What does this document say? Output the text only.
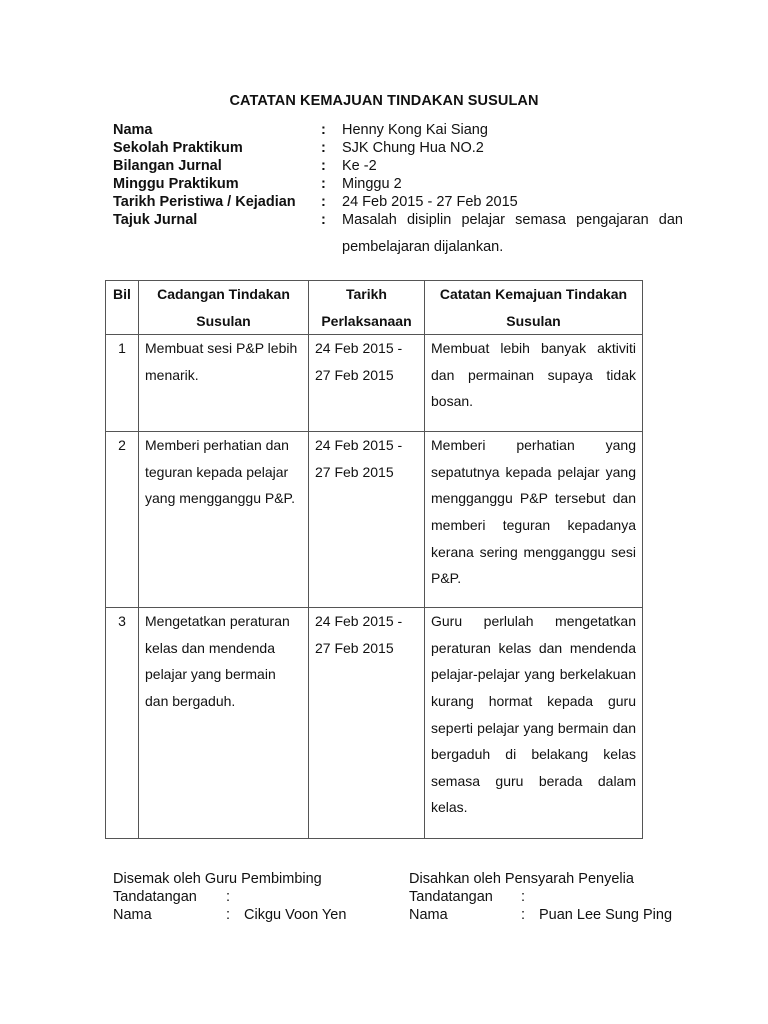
CATATAN KEMAJUAN TINDAKAN SUSULAN
Nama	:	Henny Kong Kai Siang
Sekolah Praktikum	:	SJK Chung Hua NO.2
Bilangan Jurnal	:	Ke -2
Minggu Praktikum	:	Minggu 2
Tarikh Peristiwa / Kejadian	:	24 Feb 2015 - 27 Feb 2015
Tajuk Jurnal	:	Masalah disiplin pelajar semasa pengajaran dan pembelajaran dijalankan.
Bil	Cadangan Tindakan Susulan	Tarikh Perlaksanaan	Catatan Kemajuan Tindakan Susulan
1	Membuat sesi P&P lebih menarik.	24 Feb 2015 - 27 Feb 2015	Membuat lebih banyak aktiviti dan permainan supaya tidak bosan.
2	Memberi perhatian dan teguran kepada pelajar yang mengganggu P&P.	24 Feb 2015 - 27 Feb 2015	Memberi perhatian yang sepatutnya kepada pelajar yang mengganggu P&P tersebut dan memberi teguran kepadanya kerana sering mengganggu sesi P&P.
3	Mengetatkan peraturan kelas dan mendenda pelajar yang bermain dan bergaduh.	24 Feb 2015 - 27 Feb 2015	Guru perlulah mengetatkan peraturan kelas dan mendenda pelajar-pelajar yang berkelakuan kurang hormat kepada guru seperti pelajar yang bermain dan bergaduh di belakang kelas semasa guru berada dalam kelas.
Disemak oleh Guru Pembimbing
Tandatangan	:
Nama	: Cikgu Voon Yen
Disahkan oleh Pensyarah Penyelia
Tandatangan	:
Nama	: Puan Lee Sung Ping
